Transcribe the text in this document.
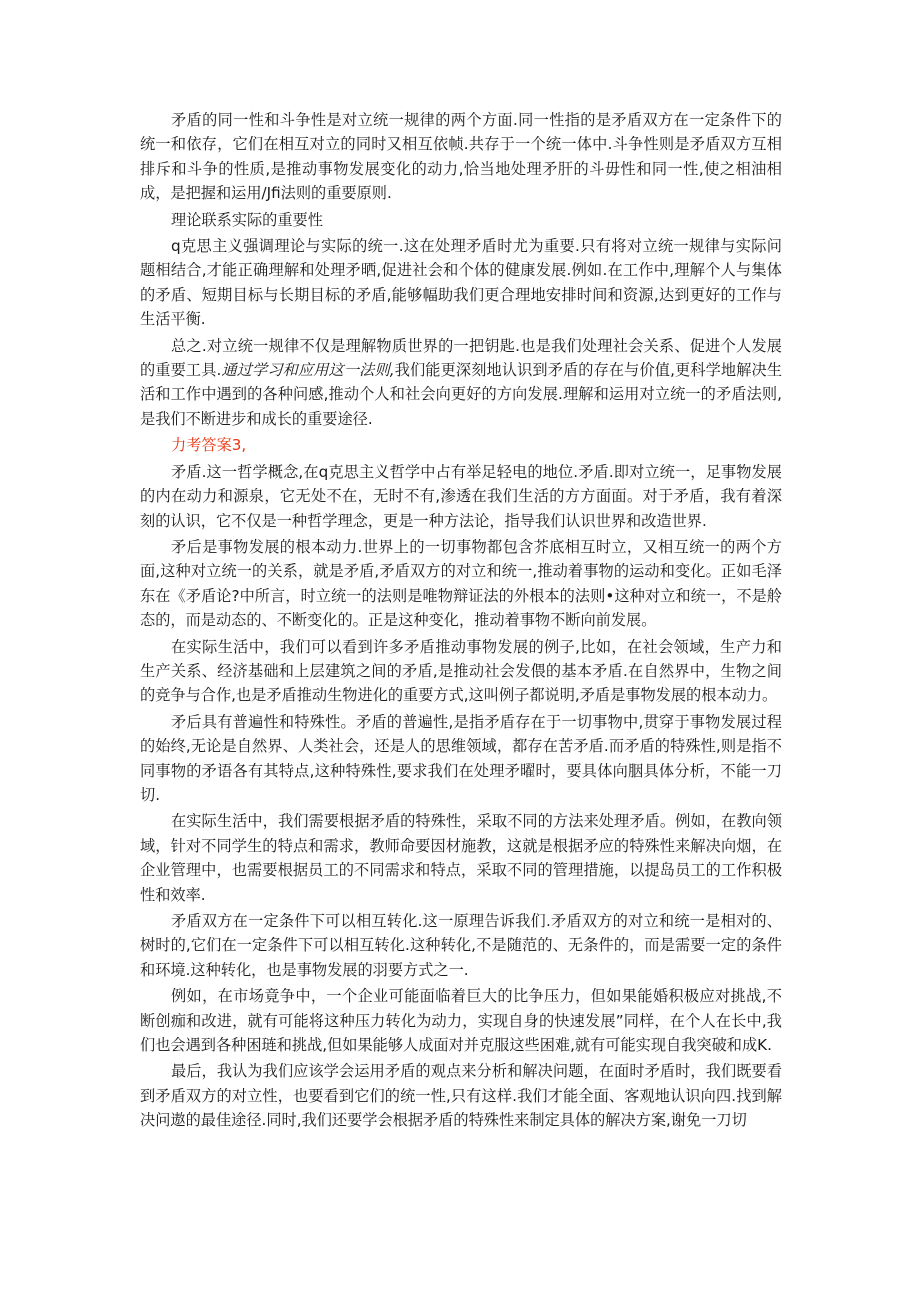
矛盾的同一性和斗争性是对立统一规律的两个方面.同一性指的是矛盾双方在一定条件下的统一和依存，它们在相互对立的同时又相互依帧.共存于一个统一体中.斗争性则是矛盾双方互相排斥和斗争的性质,是推动事物发展变化的动力,恰当地处理矛肝的斗毋性和同一性,使之相油相成，是把握和运用∕Jfi法则的重要原则.

理论联系实际的重要性

q克思主义强调理论与实际的统一.这在处理矛盾时尤为重要.只有将对立统一规律与实际问题相结合,才能正确理解和处理矛晒,促进社会和个体的健康发展.例如.在工作中,理解个人与集体的矛盾、短期目标与长期目标的矛盾,能够幅助我们更合理地安排时间和资源,达到更好的工作与生活平衡.

总之.对立统一规律不仅是理解物质世界的一把钥匙.也是我们处理社会关系、促进个人发展的重要工具.通过学习和应用这一法则,我们能更深刻地认识到矛盾的存在与价值,更科学地解决生活和工作中遇到的各种问感,推动个人和社会向更好的方向发展.理解和运用对立统一的矛盾法则,是我们不断进步和成长的重要途径.

力考答案3,

矛盾.这一哲学概念,在q克思主义哲学中占有举足轻电的地位.矛盾.即对立统一，足事物发展的内在动力和源泉，它无处不在，无时不有,渗透在我们生活的方方面面。对于矛盾，我有着深刻的认识，它不仅是一种哲学理念，更是一种方法论，指导我们认识世界和改造世界.

矛后是事物发展的根本动力.世界上的一切事物都包含芥底相互时立，又相互统一的两个方面,这种对立统一的关系，就是矛盾,矛盾双方的对立和统一,推动着事物的运动和变化。正如毛泽东在《矛盾论?中所言，时立统一的法则是唯物辩证法的外根本的法则•这种对立和统一，不是舲态的，而是动态的、不断变化的。正是这种变化，推动着事物不断向前发展。

在实际生活中，我们可以看到许多矛盾推动事物发展的例子,比如，在社会领域，生产力和生产关系、经济基础和上层建筑之间的矛盾,是推动社会发偎的基本矛盾.在自然界中，生物之间的竞争与合作,也是矛盾推动生物进化的重要方式,这叫例子都说明,矛盾是事物发展的根本动力。

矛后具有普遍性和特殊性。矛盾的普遍性,是指矛盾存在于一切事物中,贯穿于事物发展过程的始终,无论是自然界、人类社会，还是人的思维领域，都存在苦矛盾.而矛盾的特殊性,则是指不同事物的矛语各有其特点,这种特殊性,要求我们在处理矛曜时，要具体向胭具体分析，不能一刀切.

在实际生活中，我们需要根据矛盾的特殊性，采取不同的方法来处理矛盾。例如，在教向领域，针对不同学生的特点和需求，教师命要因材施教，这就是根据矛应的特殊性来解决向烟，在企业管理中，也需要根据员工的不同需求和特点，采取不同的管理措施，以提岛员工的工作积极性和效率.

矛盾双方在一定条件下可以相互转化.这一原理告诉我们.矛盾双方的对立和统一是相对的、树时的,它们在一定条件下可以相互转化.这种转化,不是随范的、无条件的，而是需要一定的条件和环境.这种转化，也是事物发展的羽要方式之一.

例如，在市场竟争中，一个企业可能面临着巨大的比争压力，但如果能婚积极应对挑战,不断创痂和改进，就有可能将这种压力转化为动力，实现自身的快速发展”同样，在个人在长中,我们也会遇到各种困琏和挑战,但如果能够人成面对并克服这些困难,就有可能实现自我突破和成K.

最后，我认为我们应该学会运用矛盾的观点来分析和解决问题，在面时矛盾时，我们既要看到矛盾双方的对立性，也要看到它们的统一性,只有这样.我们才能全面、客观地认识向四.找到解决问遨的最佳途径.同时,我们还要学会根据矛盾的特殊性来制定具体的解决方案,谢免一刀切
